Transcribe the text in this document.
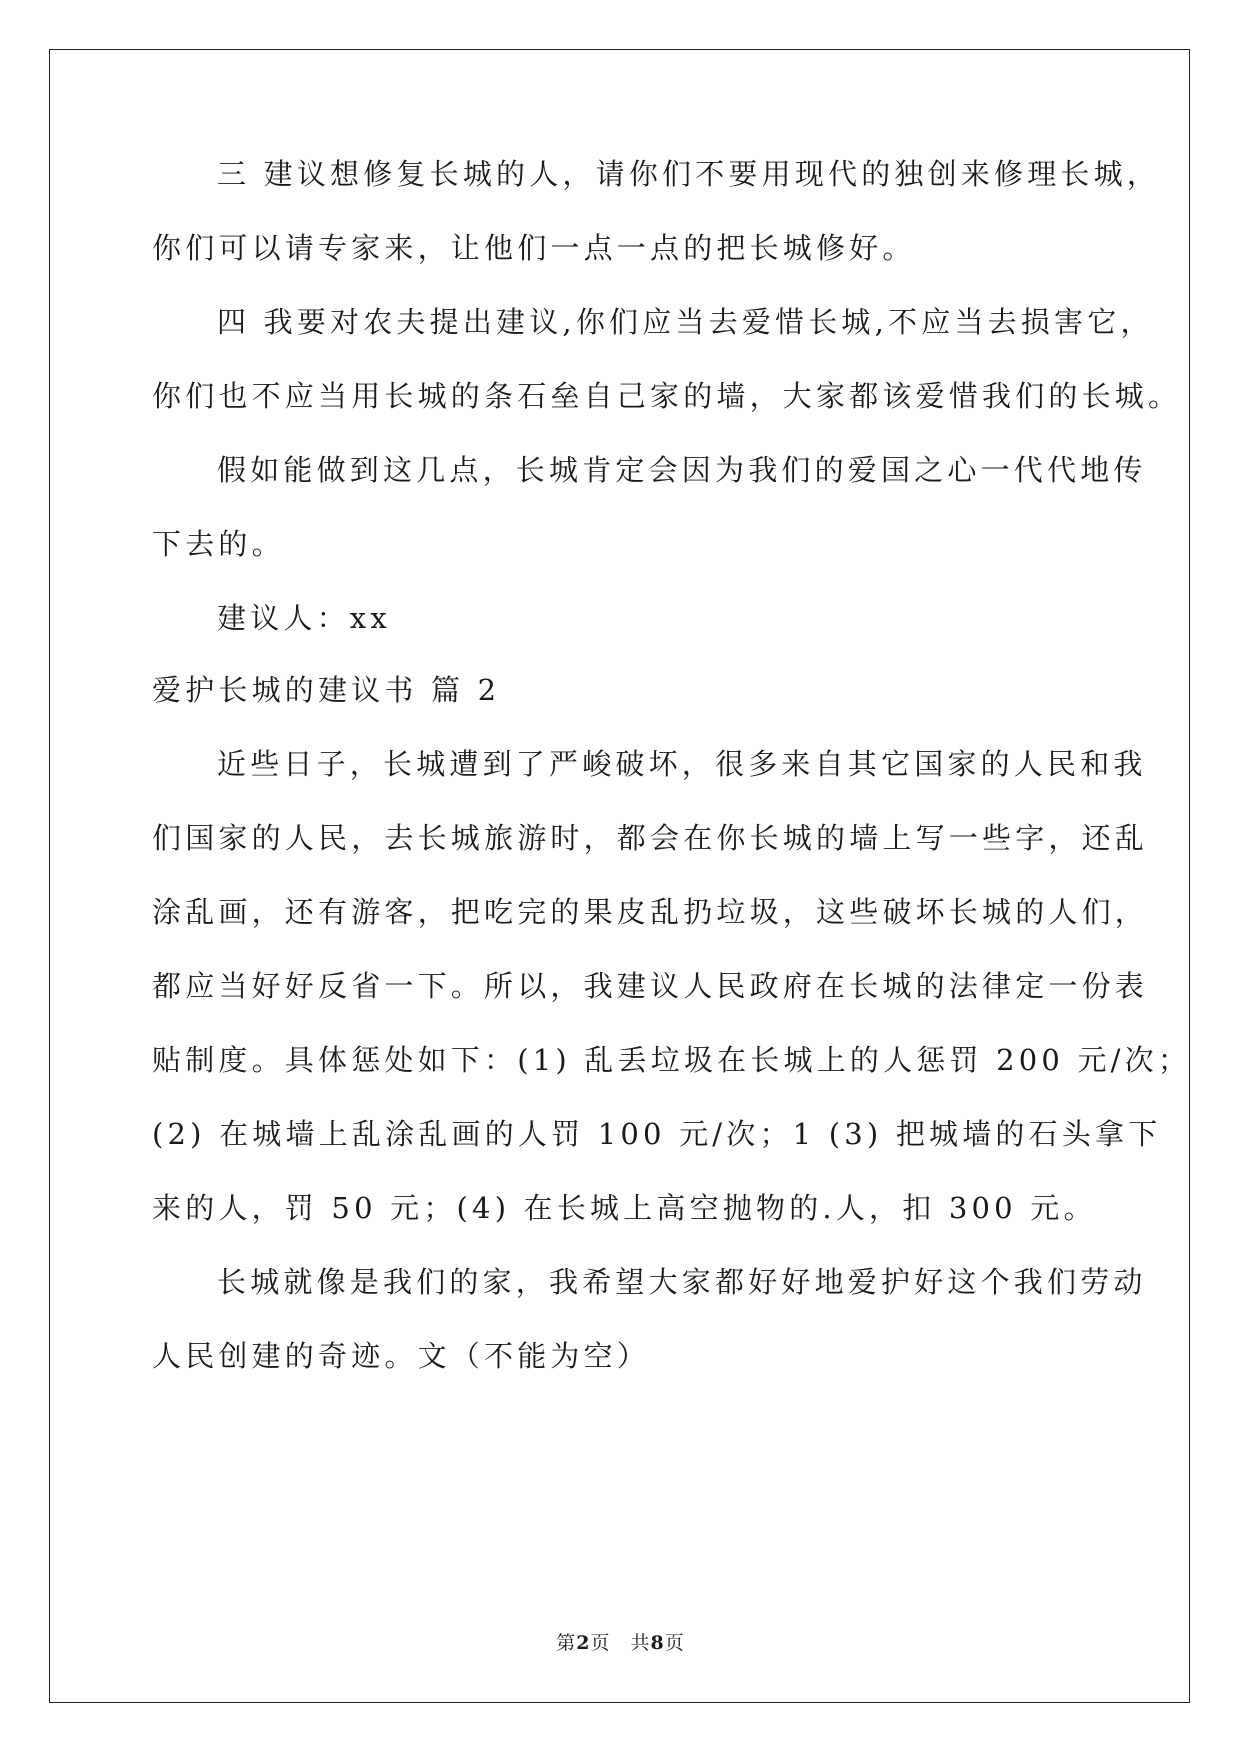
三 建议想修复长城的人，请你们不要用现代的独创来修理长城，
你们可以请专家来，让他们一点一点的把长城修好。
四 我要对农夫提出建议,你们应当去爱惜长城,不应当去损害它，
你们也不应当用长城的条石垒自己家的墙，大家都该爱惜我们的长城。
假如能做到这几点，长城肯定会因为我们的爱国之心一代代地传
下去的。
建议人：xx
爱护长城的建议书 篇 2
近些日子，长城遭到了严峻破坏，很多来自其它国家的人民和我
们国家的人民，去长城旅游时，都会在你长城的墙上写一些字，还乱
涂乱画，还有游客，把吃完的果皮乱扔垃圾，这些破坏长城的人们，
都应当好好反省一下。所以，我建议人民政府在长城的法律定一份表
贴制度。具体惩处如下：(1) 乱丢垃圾在长城上的人惩罚 200 元/次；
(2) 在城墙上乱涂乱画的人罚 100 元/次；1 (3) 把城墙的石头拿下
来的人，罚 50 元；(4) 在长城上高空抛物的.人，扣 300 元。
长城就像是我们的家，我希望大家都好好地爱护好这个我们劳动
人民创建的奇迹。文（不能为空）
第2页　共8页
